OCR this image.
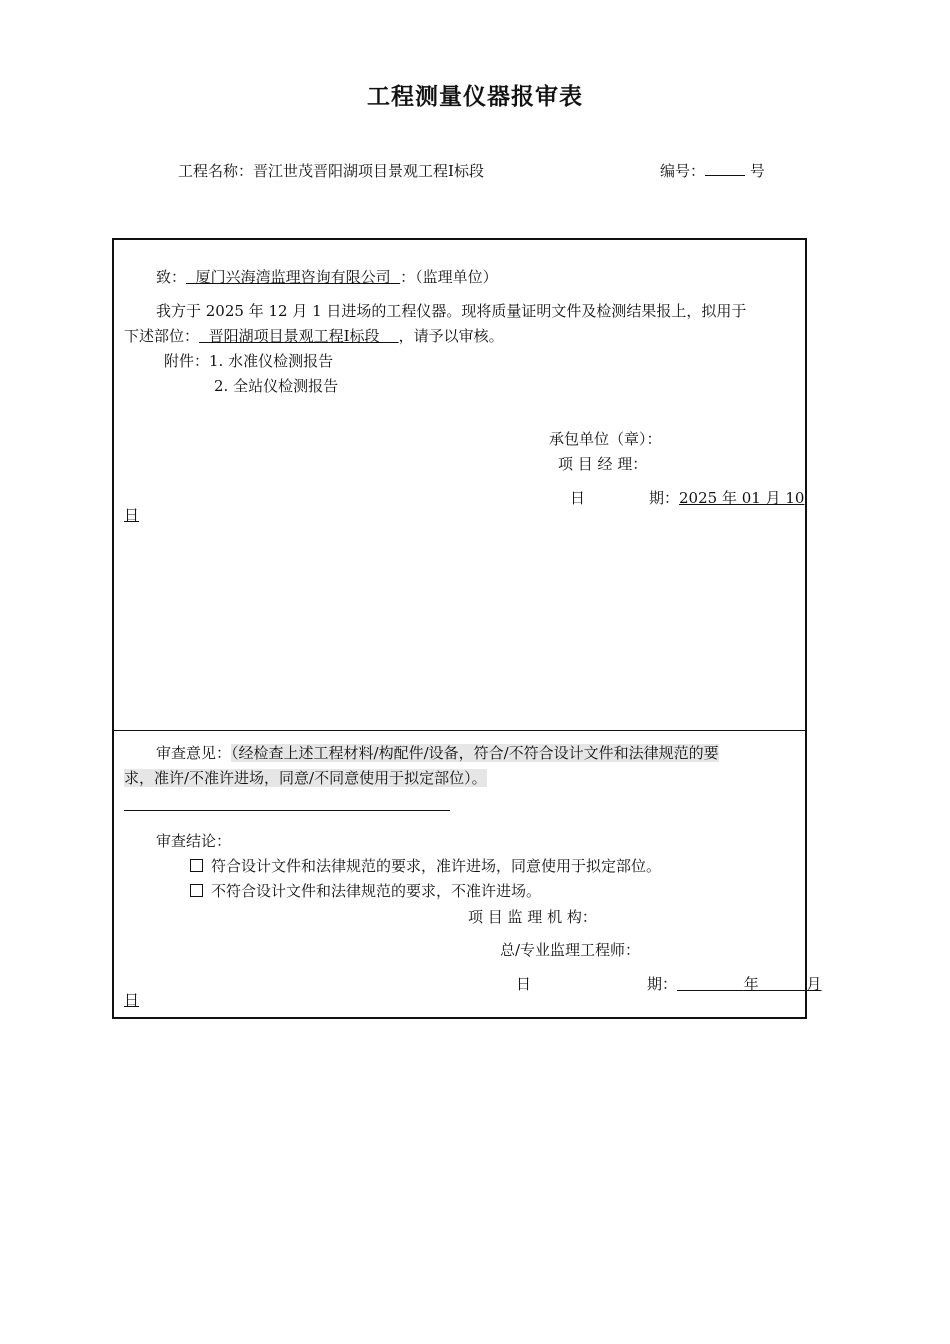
工程测量仪器报审表
工程名称：晋江世茂晋阳湖项目景观工程Ⅰ标段	编号：	号
致： 厦门兴海湾监理咨询有限公司 ：（监理单位）
我方于 2025 年 12 月 1 日进场的工程仪器。现将质量证明文件及检测结果报上，拟用于
下述部位： 晋阳湖项目景观工程Ⅰ标段 ，请予以审核。
附件：1. 水准仪检测报告
2. 全站仪检测报告
承包单位（章）：
项 目 经 理：
日	期：2025 年 01 月 10
日
审查意见：（经检查上述工程材料/构配件/设备，符合/不符合设计文件和法律规范的要
求，准许/不准许进场，同意/不同意使用于拟定部位）。
审查结论：
符合设计文件和法律规范的要求，准许进场，同意使用于拟定部位。
不符合设计文件和法律规范的要求，不准许进场。
项 目 监 理 机 构：
总/专业监理工程师：
日	期：	年	月
日
